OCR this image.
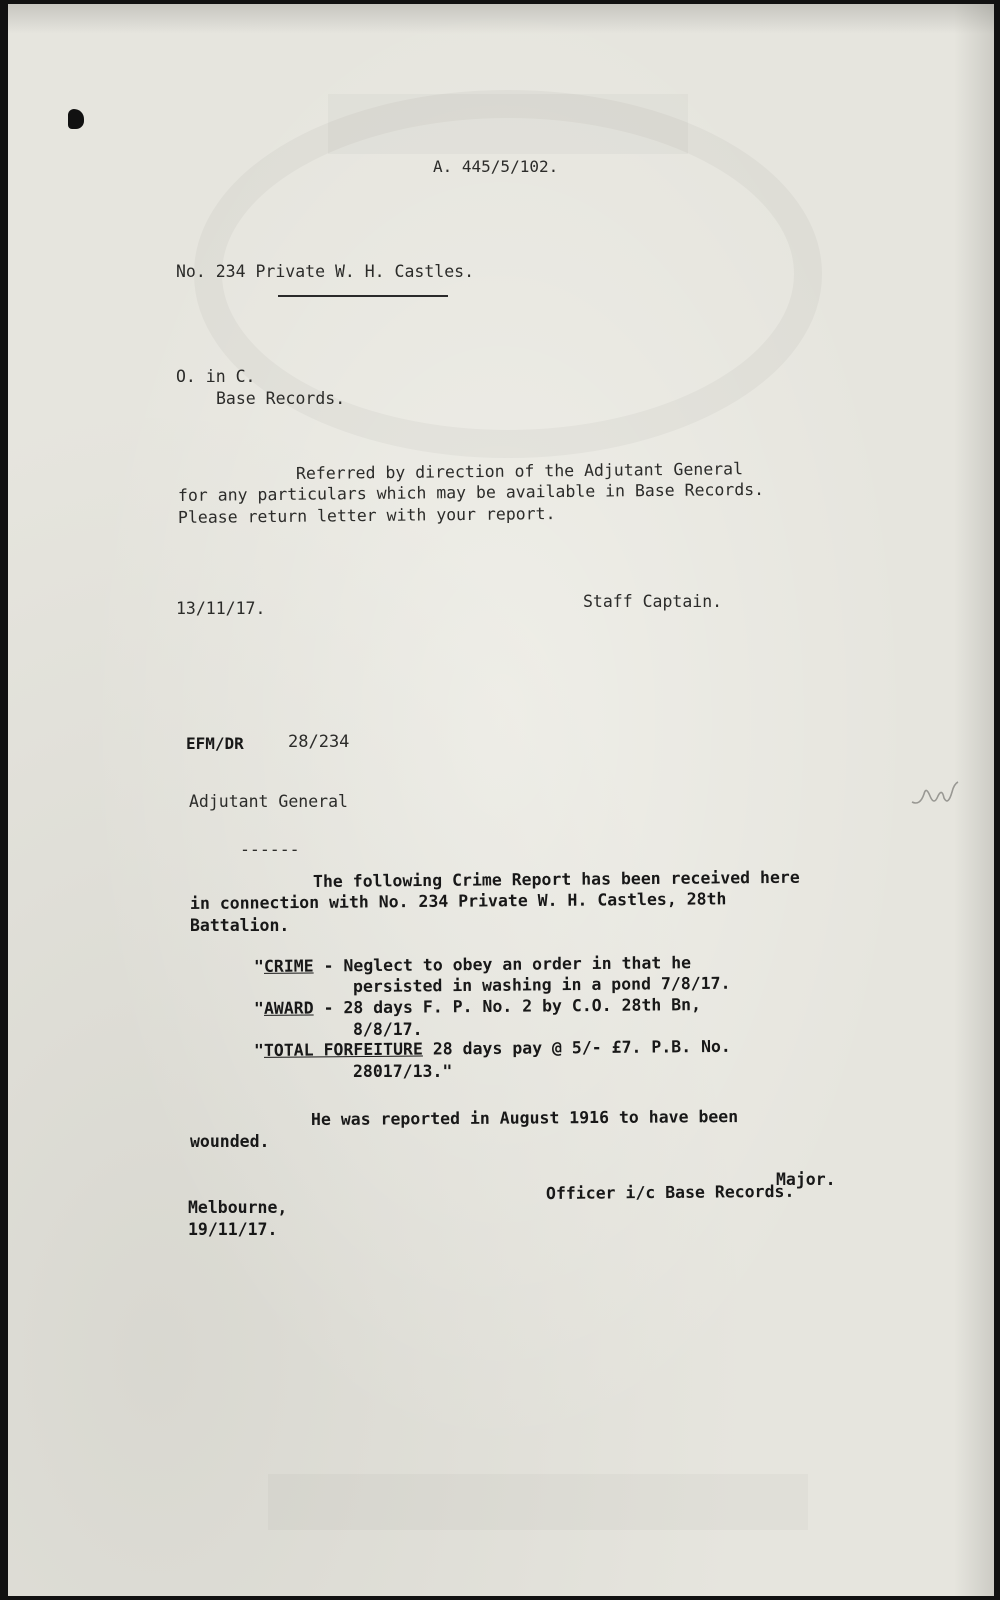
A. 445/5/102.
No. 234 Private W. H. Castles.
O. in C.
Base Records.
Referred by direction of the Adjutant General
for any particulars which may be available in Base Records.
Please return letter with your report.
13/11/17.	Staff Captain.
EFM/DR	28/234
Adjutant General
------
The following Crime Report has been received here
in connection with No. 234 Private W. H. Castles, 28th
Battalion.
"CRIME - Neglect to obey an order in that he
persisted in washing in a pond 7/8/17.
"AWARD - 28 days F. P. No. 2 by C.O. 28th Bn,
8/8/17.
"TOTAL FORFEITURE 28 days pay @ 5/- £7. P.B. No.
28017/13."
He was reported in August 1916 to have been
wounded.
Melbourne,
19/11/17.
Major.
Officer i/c Base Records.
